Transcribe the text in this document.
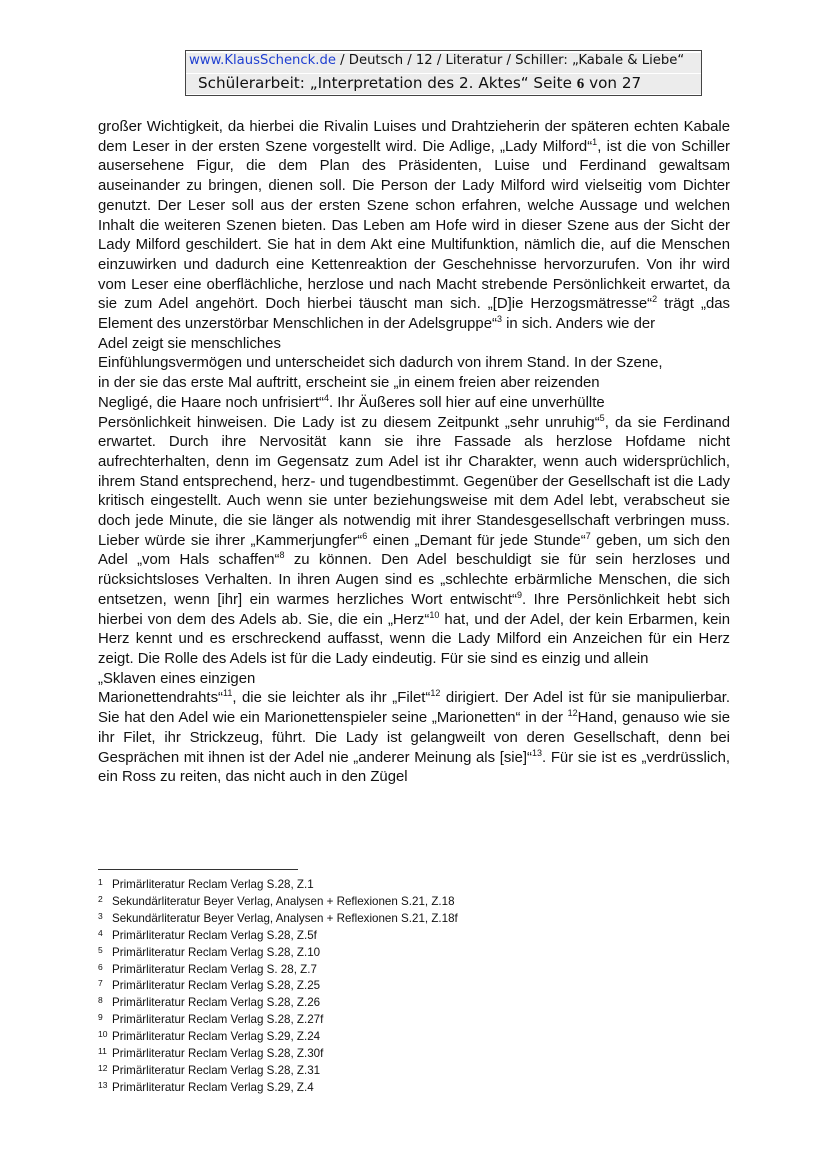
www.KlausSchenck.de / Deutsch / 12 / Literatur / Schiller: „Kabale & Liebe“
Schülerarbeit: „Interpretation des 2. Aktes“ Seite 6 von 27

großer Wichtigkeit, da hierbei die Rivalin Luises und Drahtzieherin der späteren echten Kabale dem Leser in der ersten Szene vorgestellt wird. Die Adlige, „Lady Milford“$^1$, ist die von Schiller ausersehene Figur, die dem Plan des Präsidenten, Luise und Ferdinand gewaltsam auseinander zu bringen, dienen soll. Die Person der Lady Milford wird vielseitig vom Dichter genutzt. Der Leser soll aus der ersten Szene schon erfahren, welche Aussage und welchen Inhalt die weiteren Szenen bieten. Das Leben am Hofe wird in dieser Szene aus der Sicht der Lady Milford geschildert. Sie hat in dem Akt eine Multifunktion, nämlich die, auf die Menschen einzuwirken und dadurch eine Kettenreaktion der Geschehnisse hervorzurufen. Von ihr wird vom Leser eine oberflächliche, herzlose und nach Macht strebende Persönlichkeit erwartet, da sie zum Adel angehört. Doch hierbei täuscht man sich. „[D]ie Herzogsmätresse“$^2$ trägt „das Element des unzerstörbar Menschlichen in der Adelsgruppe“$^3$ in sich. Anders wie der

Adel zeigt sie menschliches
Einfühlungsvermögen und unterscheidet sich dadurch von ihrem Stand. In der Szene,
in der sie das erste Mal auftritt, erscheint sie „in einem freien aber reizenden
Negligé, die Haare noch unfrisiert“$^4$. Ihr Äußeres soll hier auf eine unverhüllte

Persönlichkeit hinweisen. Die Lady ist zu diesem Zeitpunkt „sehr unruhig“$^5$, da sie Ferdinand erwartet. Durch ihre Nervosität kann sie ihre Fassade als herzlose Hofdame nicht aufrechterhalten, denn im Gegensatz zum Adel ist ihr Charakter, wenn auch widersprüchlich, ihrem Stand entsprechend, herz- und tugendbestimmt. Gegenüber der Gesellschaft ist die Lady kritisch eingestellt. Auch wenn sie unter beziehungsweise mit dem Adel lebt, verabscheut sie doch jede Minute, die sie länger als notwendig mit ihrer Standesgesellschaft verbringen muss. Lieber würde sie ihrer „Kammerjungfer“$^6$ einen „Demant für jede Stunde“$^7$ geben, um sich den Adel „vom Hals schaffen“$^8$ zu können. Den Adel beschuldigt sie für sein herzloses und rücksichtsloses Verhalten. In ihren Augen sind es „schlechte erbärmliche Menschen, die sich entsetzen, wenn [ihr] ein warmes herzliches Wort entwischt“$^9$. Ihre Persönlichkeit hebt sich hierbei von dem des Adels ab. Sie, die ein „Herz“$^{10}$ hat, und der Adel, der kein Erbarmen, kein Herz kennt und es erschreckend auffasst, wenn die Lady Milford ein Anzeichen für ein Herz zeigt. Die Rolle des Adels ist für die Lady eindeutig. Für sie sind es einzig und allein

„Sklaven eines einzigen

Marionettendrahts“$^{11}$, die sie leichter als ihr „Filet“$^{12}$ dirigiert. Der Adel ist für sie manipulierbar. Sie hat den Adel wie ein Marionettenspieler seine „Marionetten“ in der $^{12}$Hand, genauso wie sie ihr Filet, ihr Strickzeug, führt. Die Lady ist gelangweilt von deren Gesellschaft, denn bei Gesprächen mit ihnen ist der Adel nie „anderer Meinung als [sie]“$^{13}$. Für sie ist es „verdrüsslich, ein Ross zu reiten, das nicht auch in den Zügel

1 Primärliteratur Reclam Verlag S.28, Z.1
2 Sekundärliteratur Beyer Verlag, Analysen + Reflexionen S.21, Z.18
3 Sekundärliteratur Beyer Verlag, Analysen + Reflexionen S.21, Z.18f
4 Primärliteratur Reclam Verlag S.28, Z.5f
5 Primärliteratur Reclam Verlag S.28, Z.10
6 Primärliteratur Reclam Verlag S. 28, Z.7
7 Primärliteratur Reclam Verlag S.28, Z.25
8 Primärliteratur Reclam Verlag S.28, Z.26
9 Primärliteratur Reclam Verlag S.28, Z.27f
10 Primärliteratur Reclam Verlag S.29, Z.24
11 Primärliteratur Reclam Verlag S.28, Z.30f
12 Primärliteratur Reclam Verlag S.28, Z.31
13 Primärliteratur Reclam Verlag S.29, Z.4
